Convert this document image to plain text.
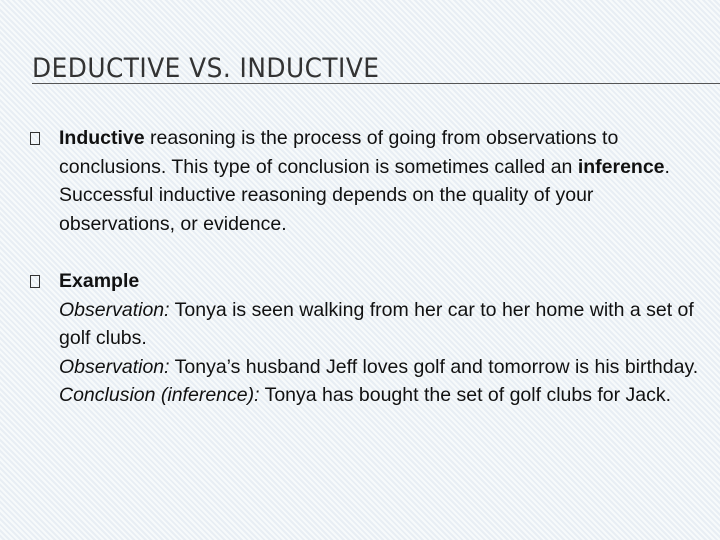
DEDUCTIVE VS. INDUCTIVE
Inductive reasoning is the process of going from observations to conclusions. This type of conclusion is sometimes called an inference. Successful inductive reasoning depends on the quality of your observations, or evidence.
Example
Observation: Tonya is seen walking from her car to her home with a set of golf clubs.
Observation: Tonya’s husband Jeff loves golf and tomorrow is his birthday.
Conclusion (inference): Tonya has bought the set of golf clubs for Jack.
